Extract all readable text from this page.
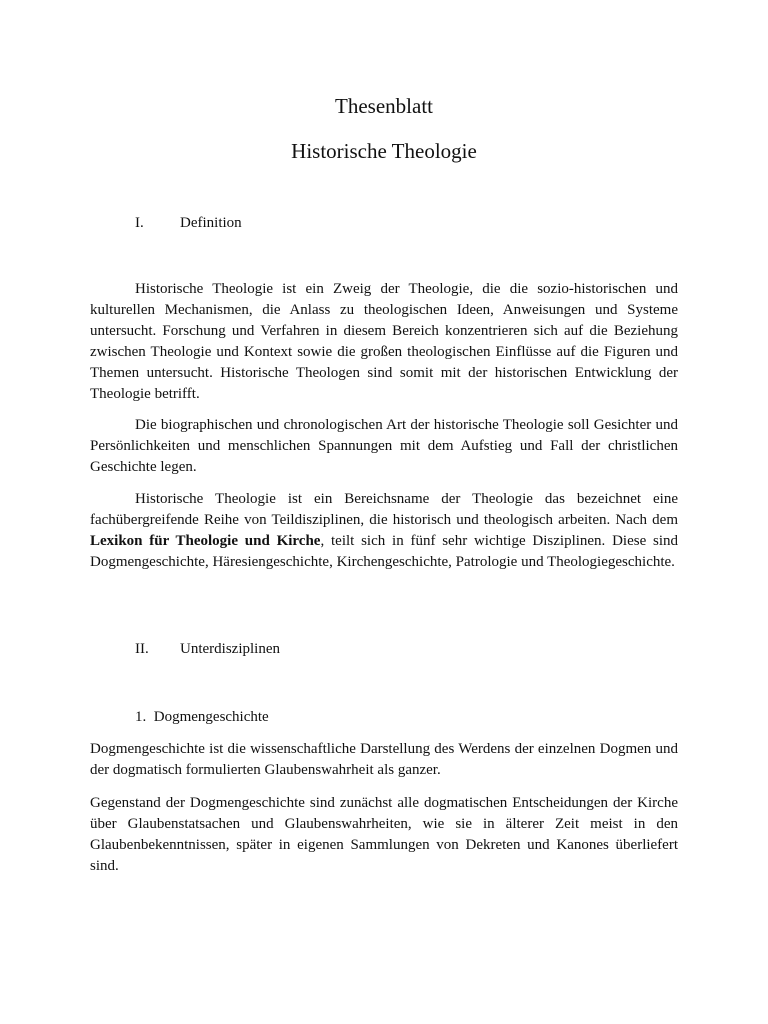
Thesenblatt
Historische Theologie
I. Definition

Historische Theologie ist ein Zweig der Theologie, die die sozio-historischen und kulturellen Mechanismen, die Anlass zu theologischen Ideen, Anweisungen und Systeme untersucht. Forschung und Verfahren in diesem Bereich konzentrieren sich auf die Beziehung zwischen Theologie und Kontext sowie die großen theologischen Einflüsse auf die Figuren und Themen untersucht. Historische Theologen sind somit mit der historischen Entwicklung der Theologie betrifft.

Die biographischen und chronologischen Art der historische Theologie soll Gesichter und Persönlichkeiten und menschlichen Spannungen mit dem Aufstieg und Fall der christlichen Geschichte legen.

Historische Theologie ist ein Bereichsname der Theologie das bezeichnet eine fachübergreifende Reihe von Teildisziplinen, die historisch und theologisch arbeiten. Nach dem Lexikon für Theologie und Kirche, teilt sich in fünf sehr wichtige Disziplinen. Diese sind Dogmengeschichte, Häresiengeschichte, Kirchengeschichte, Patrologie und Theologiegeschichte.

II. Unterdisziplinen
1. Dogmengeschichte

Dogmengeschichte ist die wissenschaftliche Darstellung des Werdens der einzelnen Dogmen und der dogmatisch formulierten Glaubenswahrheit als ganzer.

Gegenstand der Dogmengeschichte sind zunächst alle dogmatischen Entscheidungen der Kirche über Glaubenstatsachen und Glaubenswahrheiten, wie sie in älterer Zeit meist in den Glaubenbekenntnissen, später in eigenen Sammlungen von Dekreten und Kanones überliefert sind.
